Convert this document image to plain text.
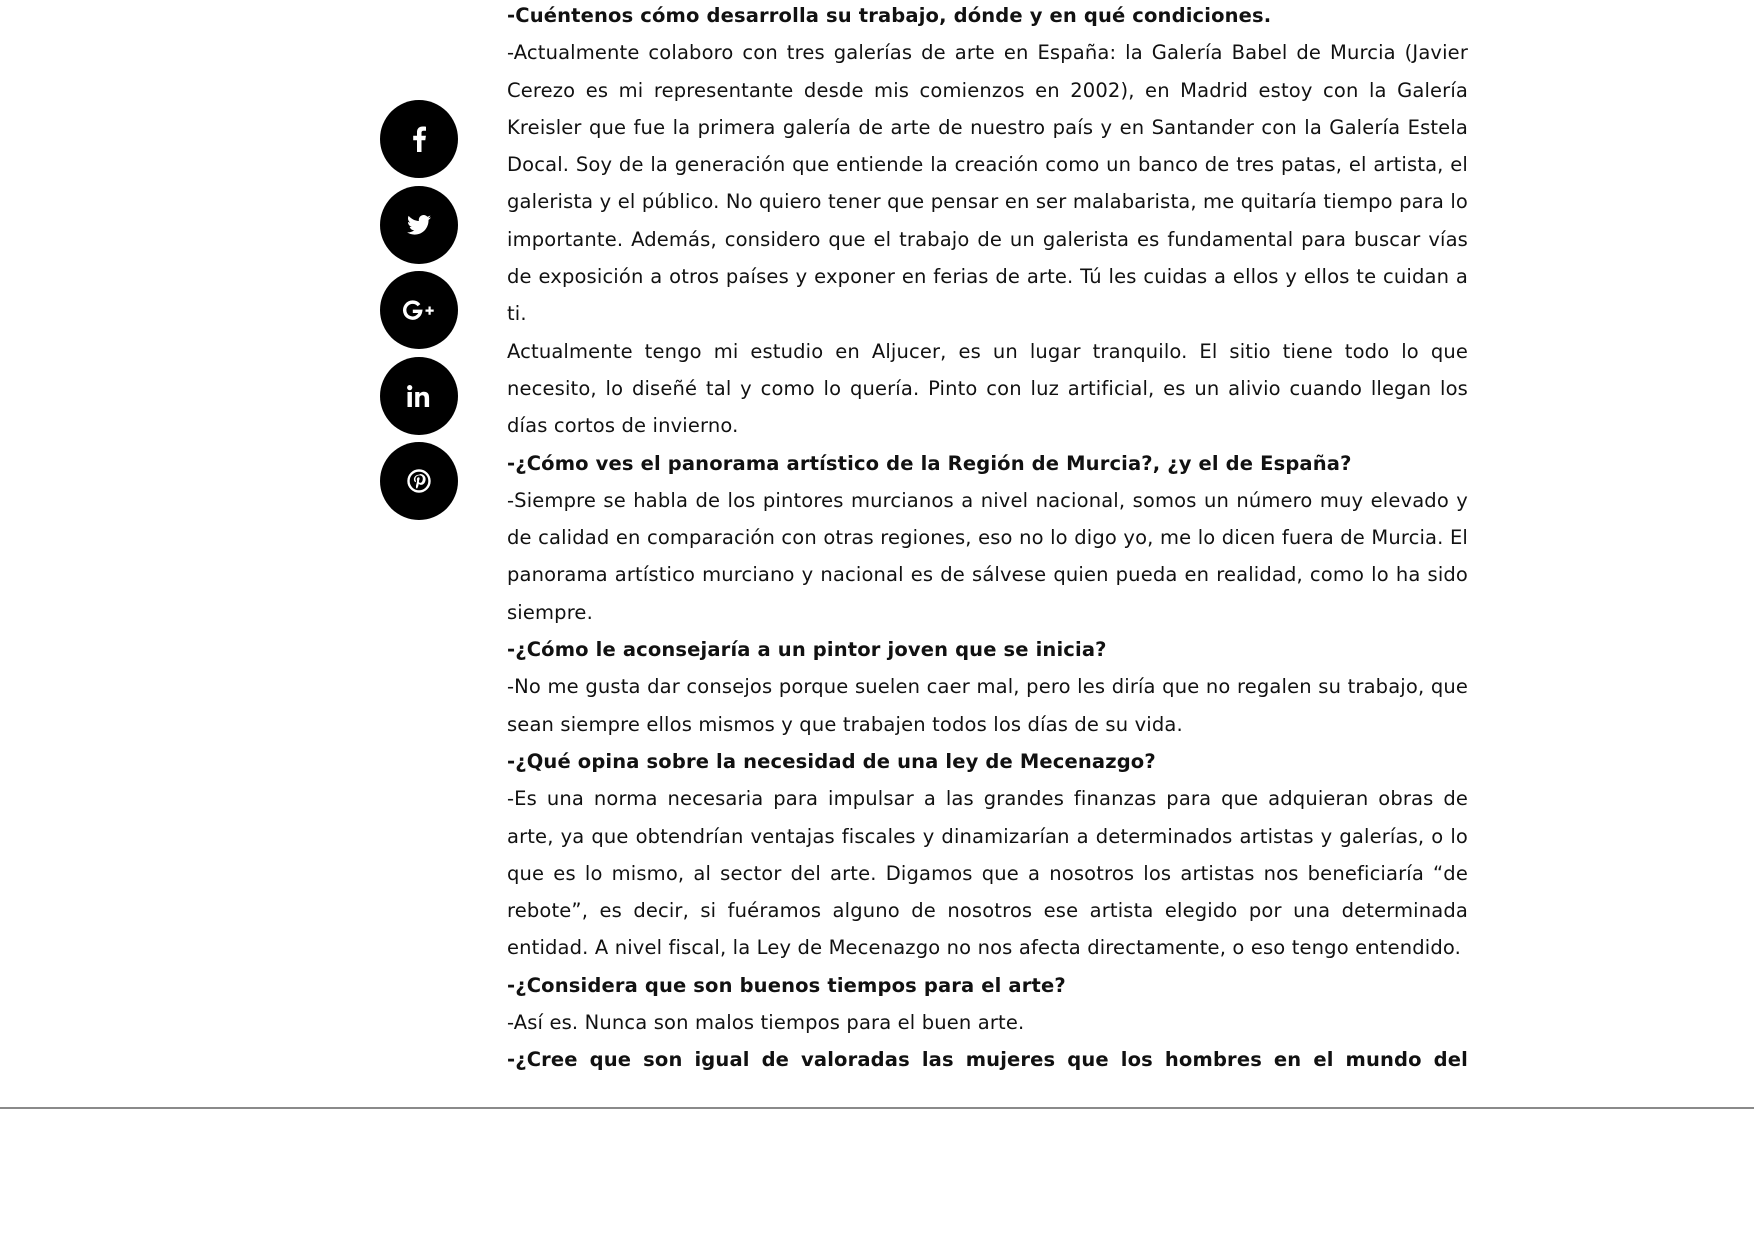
-Cuéntenos cómo desarrolla su trabajo, dónde y en qué condiciones.

-Actualmente colaboro con tres galerías de arte en España: la Galería Babel de Murcia (Javier Cerezo es mi representante desde mis comienzos en 2002), en Madrid estoy con la Galería Kreisler que fue la primera galería de arte de nuestro país y en Santander con la Galería Estela Docal. Soy de la generación que entiende la creación como un banco de tres patas, el artista, el galerista y el público. No quiero tener que pensar en ser malabarista, me quitaría tiempo para lo importante. Además, considero que el trabajo de un galerista es fundamental para buscar vías de exposición a otros países y exponer en ferias de arte. Tú les cuidas a ellos y ellos te cuidan a ti.

Actualmente tengo mi estudio en Aljucer, es un lugar tranquilo. El sitio tiene todo lo que necesito, lo diseñé tal y como lo quería. Pinto con luz artificial, es un alivio cuando llegan los días cortos de invierno.

-¿Cómo ves el panorama artístico de la Región de Murcia?, ¿y el de España?

-Siempre se habla de los pintores murcianos a nivel nacional, somos un número muy elevado y de calidad en comparación con otras regiones, eso no lo digo yo, me lo dicen fuera de Murcia. El panorama artístico murciano y nacional es de sálvese quien pueda en realidad, como lo ha sido siempre.

-¿Cómo le aconsejaría a un pintor joven que se inicia?

-No me gusta dar consejos porque suelen caer mal, pero les diría que no regalen su trabajo, que sean siempre ellos mismos y que trabajen todos los días de su vida.

-¿Qué opina sobre la necesidad de una ley de Mecenazgo?

-Es una norma necesaria para impulsar a las grandes finanzas para que adquieran obras de arte, ya que obtendrían ventajas fiscales y dinamizarían a determinados artistas y galerías, o lo que es lo mismo, al sector del arte. Digamos que a nosotros los artistas nos beneficiaría “de rebote”, es decir, si fuéramos alguno de nosotros ese artista elegido por una determinada entidad. A nivel fiscal, la Ley de Mecenazgo no nos afecta directamente, o eso tengo entendido.

-¿Considera que son buenos tiempos para el arte?

-Así es. Nunca son malos tiempos para el buen arte.

-¿Cree que son igual de valoradas las mujeres que los hombres en el mundo del
